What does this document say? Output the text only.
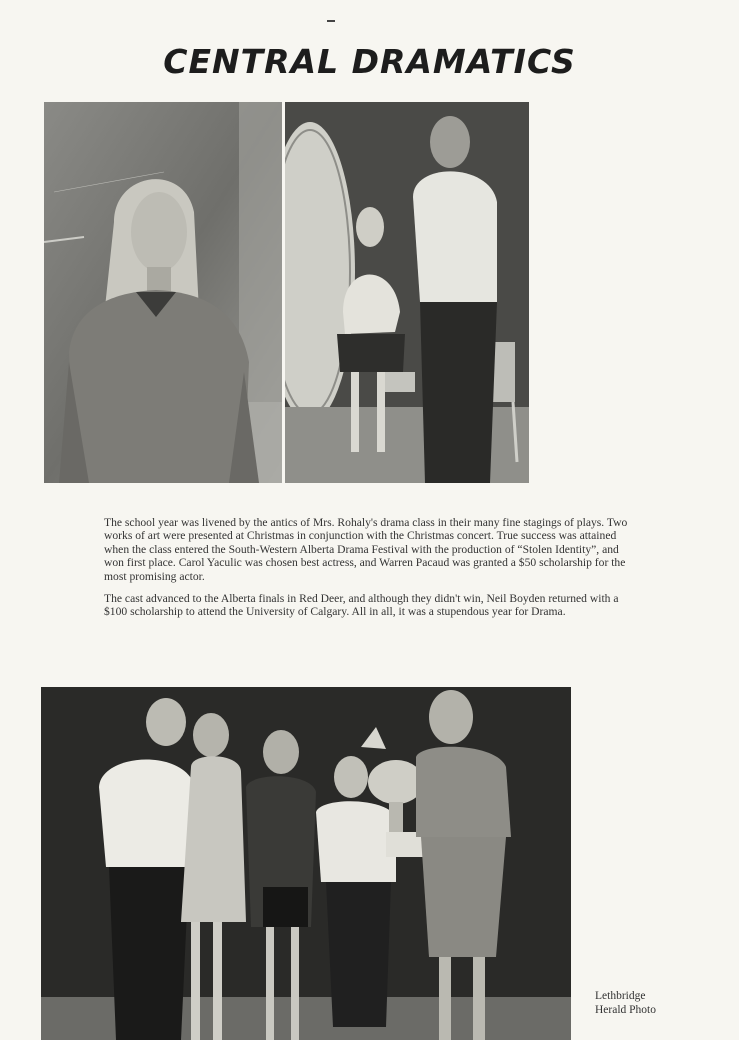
CENTRAL DRAMATICS

The school year was livened by the antics of Mrs. Rohaly's drama class in their many fine stagings of plays. Two works of art were presented at Christmas in conjunction with the Christmas concert. True success was attained when the class entered the South-Western Alberta Drama Festival with the production of “Stolen Identity”, and won first place. Carol Yaculic was chosen best actress, and Warren Pacaud was granted a $50 scholarship for the most promising actor.

The cast advanced to the Alberta finals in Red Deer, and although they didn't win, Neil Boyden returned with a $100 scholarship to attend the University of Calgary. All in all, it was a stupendous year for Drama.

Lethbridge
Herald Photo
